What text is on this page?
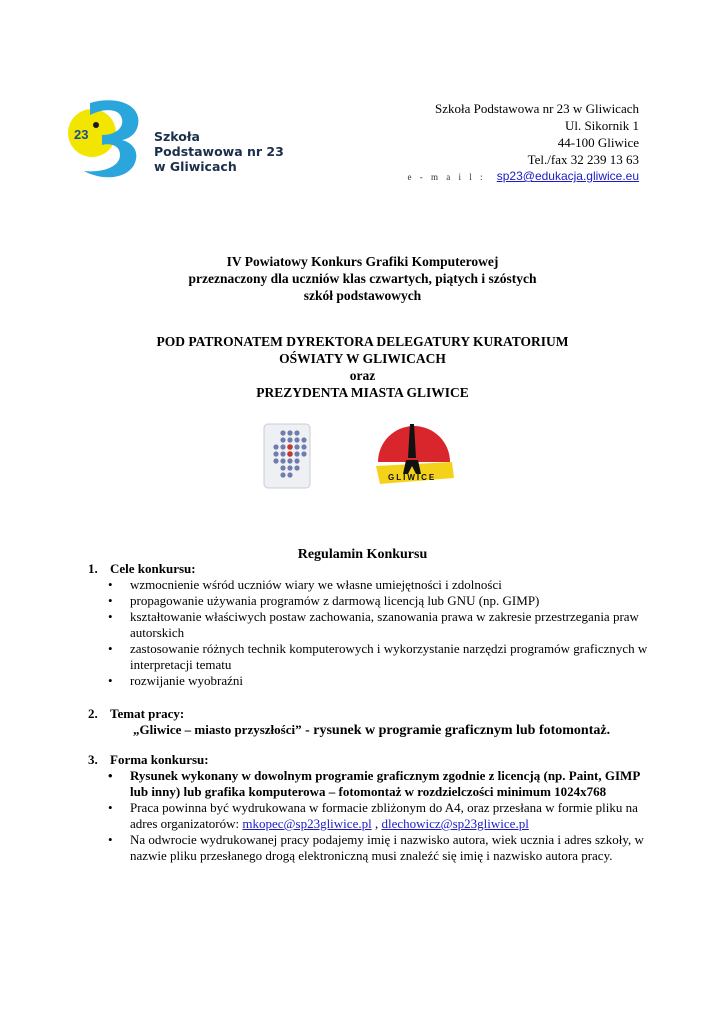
23	Szkoła
Podstawowa nr 23
w Gliwicach
Szkoła Podstawowa nr 23 w Gliwicach
Ul. Sikornik 1
44-100 Gliwice
Tel./fax 32 239 13 63
e - m a i l : sp23@edukacja.gliwice.eu
IV Powiatowy Konkurs Grafiki Komputerowej
przeznaczony dla uczniów klas czwartych, piątych i szóstych
szkół podstawowych
POD PATRONATEM DYREKTORA DELEGATURY KURATORIUM
OŚWIATY W GLIWICACH
oraz
PREZYDENTA MIASTA GLIWICE
GLIWICE
Regulamin Konkursu
1. Cele konkursu:
• wzmocnienie wśród uczniów wiary we własne umiejętności i zdolności
• propagowanie używania programów z darmową licencją lub GNU (np. GIMP)
• kształtowanie właściwych postaw zachowania, szanowania prawa w zakresie przestrzegania praw autorskich
• zastosowanie różnych technik komputerowych i wykorzystanie narzędzi programów graficznych w interpretacji tematu
• rozwijanie wyobraźni
2. Temat pracy:
„Gliwice – miasto przyszłości” - rysunek w programie graficznym lub fotomontaż.
3. Forma konkursu:
• Rysunek wykonany w dowolnym programie graficznym zgodnie z licencją (np. Paint, GIMP lub inny) lub grafika komputerowa – fotomontaż w rozdzielczości minimum 1024x768
• Praca powinna być wydrukowana w formacie zbliżonym do A4, oraz przesłana w formie pliku na adres organizatorów: mkopec@sp23gliwice.pl , dlechowicz@sp23gliwice.pl
• Na odwrocie wydrukowanej pracy podajemy imię i nazwisko autora, wiek ucznia i adres szkoły, w nazwie pliku przesłanego drogą elektroniczną musi znaleźć się imię i nazwisko autora pracy.
